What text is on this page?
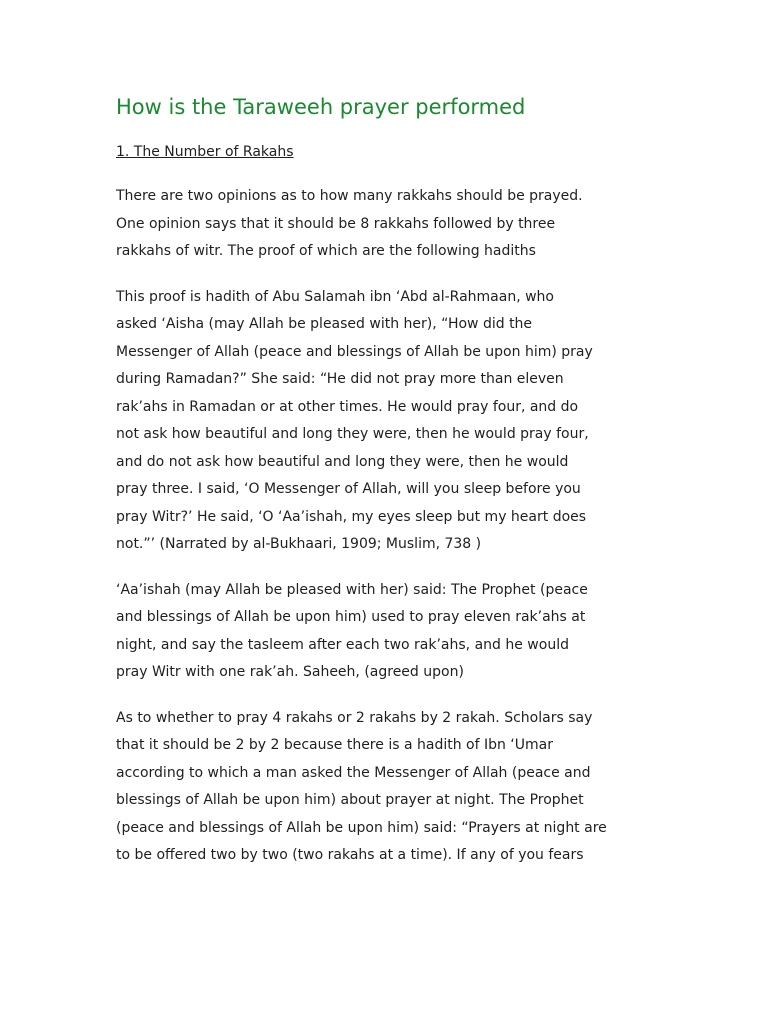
How is the Taraweeh prayer performed
1. The Number of Rakahs

There are two opinions as to how many rakkahs should be prayed.
One opinion says that it should be 8 rakkahs followed by three
rakkahs of witr. The proof of which are the following hadiths

This proof is hadith of Abu Salamah ibn ‘Abd al-Rahmaan, who
asked ‘Aisha (may Allah be pleased with her), “How did the
Messenger of Allah (peace and blessings of Allah be upon him) pray
during Ramadan?” She said: “He did not pray more than eleven
rak’ahs in Ramadan or at other times. He would pray four, and do
not ask how beautiful and long they were, then he would pray four,
and do not ask how beautiful and long they were, then he would
pray three. I said, ‘O Messenger of Allah, will you sleep before you
pray Witr?’ He said, ‘O ‘Aa’ishah, my eyes sleep but my heart does
not.”’ (Narrated by al-Bukhaari, 1909; Muslim, 738 )

‘Aa’ishah (may Allah be pleased with her) said: The Prophet (peace
and blessings of Allah be upon him) used to pray eleven rak’ahs at
night, and say the tasleem after each two rak’ahs, and he would
pray Witr with one rak’ah. Saheeh, (agreed upon)

As to whether to pray 4 rakahs or 2 rakahs by 2 rakah. Scholars say
that it should be 2 by 2 because there is a hadith of Ibn ‘Umar
according to which a man asked the Messenger of Allah (peace and
blessings of Allah be upon him) about prayer at night. The Prophet
(peace and blessings of Allah be upon him) said: “Prayers at night are
to be offered two by two (two rakahs at a time). If any of you fears
